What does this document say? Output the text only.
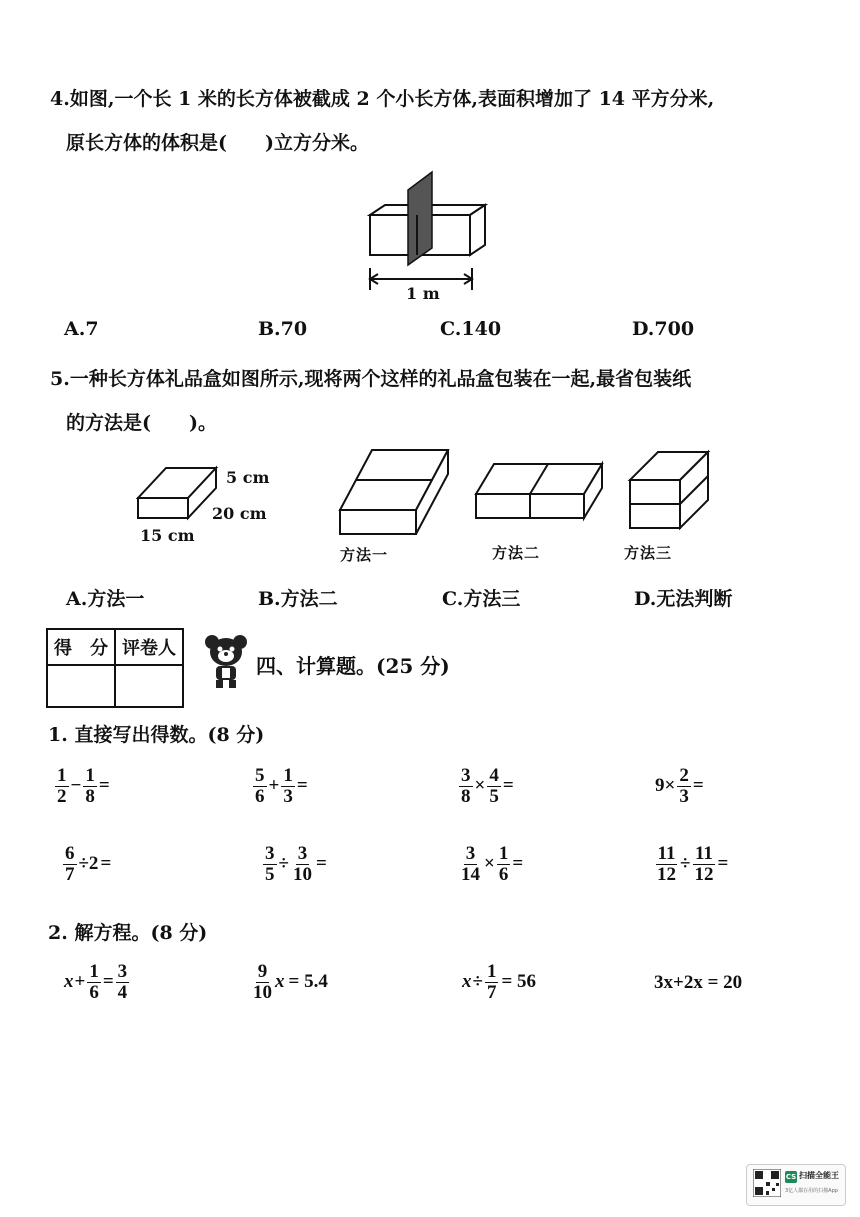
4.如图,一个长 1 米的长方体被截成 2 个小长方体,表面积增加了 14 平方分米,
原长方体的体积是(　　)立方分米。
1 m
A.7	B.70	C.140	D.700
5.一种长方体礼品盒如图所示,现将两个这样的礼品盒包装在一起,最省包装纸
的方法是(　　)。
5 cm
20 cm
15 cm
方法一	方法二	方法三
A.方法一	B.方法二	C.方法三	D.无法判断
得　分	评卷人

四、计算题。(25 分)
1. 直接写出得数。(8 分)
$\frac{1}{2} - \frac{1}{8}$ =	$\frac{5}{6} + \frac{1}{3}$ =	$\frac{3}{8} \times \frac{4}{5}$ =	$9\times \frac{2}{3}$ =
$\frac{6}{7} \div 2$ =	$\frac{3}{5} \div \frac{3}{10}$ =	$\frac{3}{14} \times \frac{1}{6}$ =	$\frac{11}{12} \div \frac{11}{12}$ =
2. 解方程。(8 分)
$x + \frac{1}{6} = \frac{3}{4}$	$\frac{9}{10}$ x = 5.4	$x \div \frac{1}{7} = 56$	3x+2x = 20
CS 扫描全能王
3亿人都在用的扫描App
